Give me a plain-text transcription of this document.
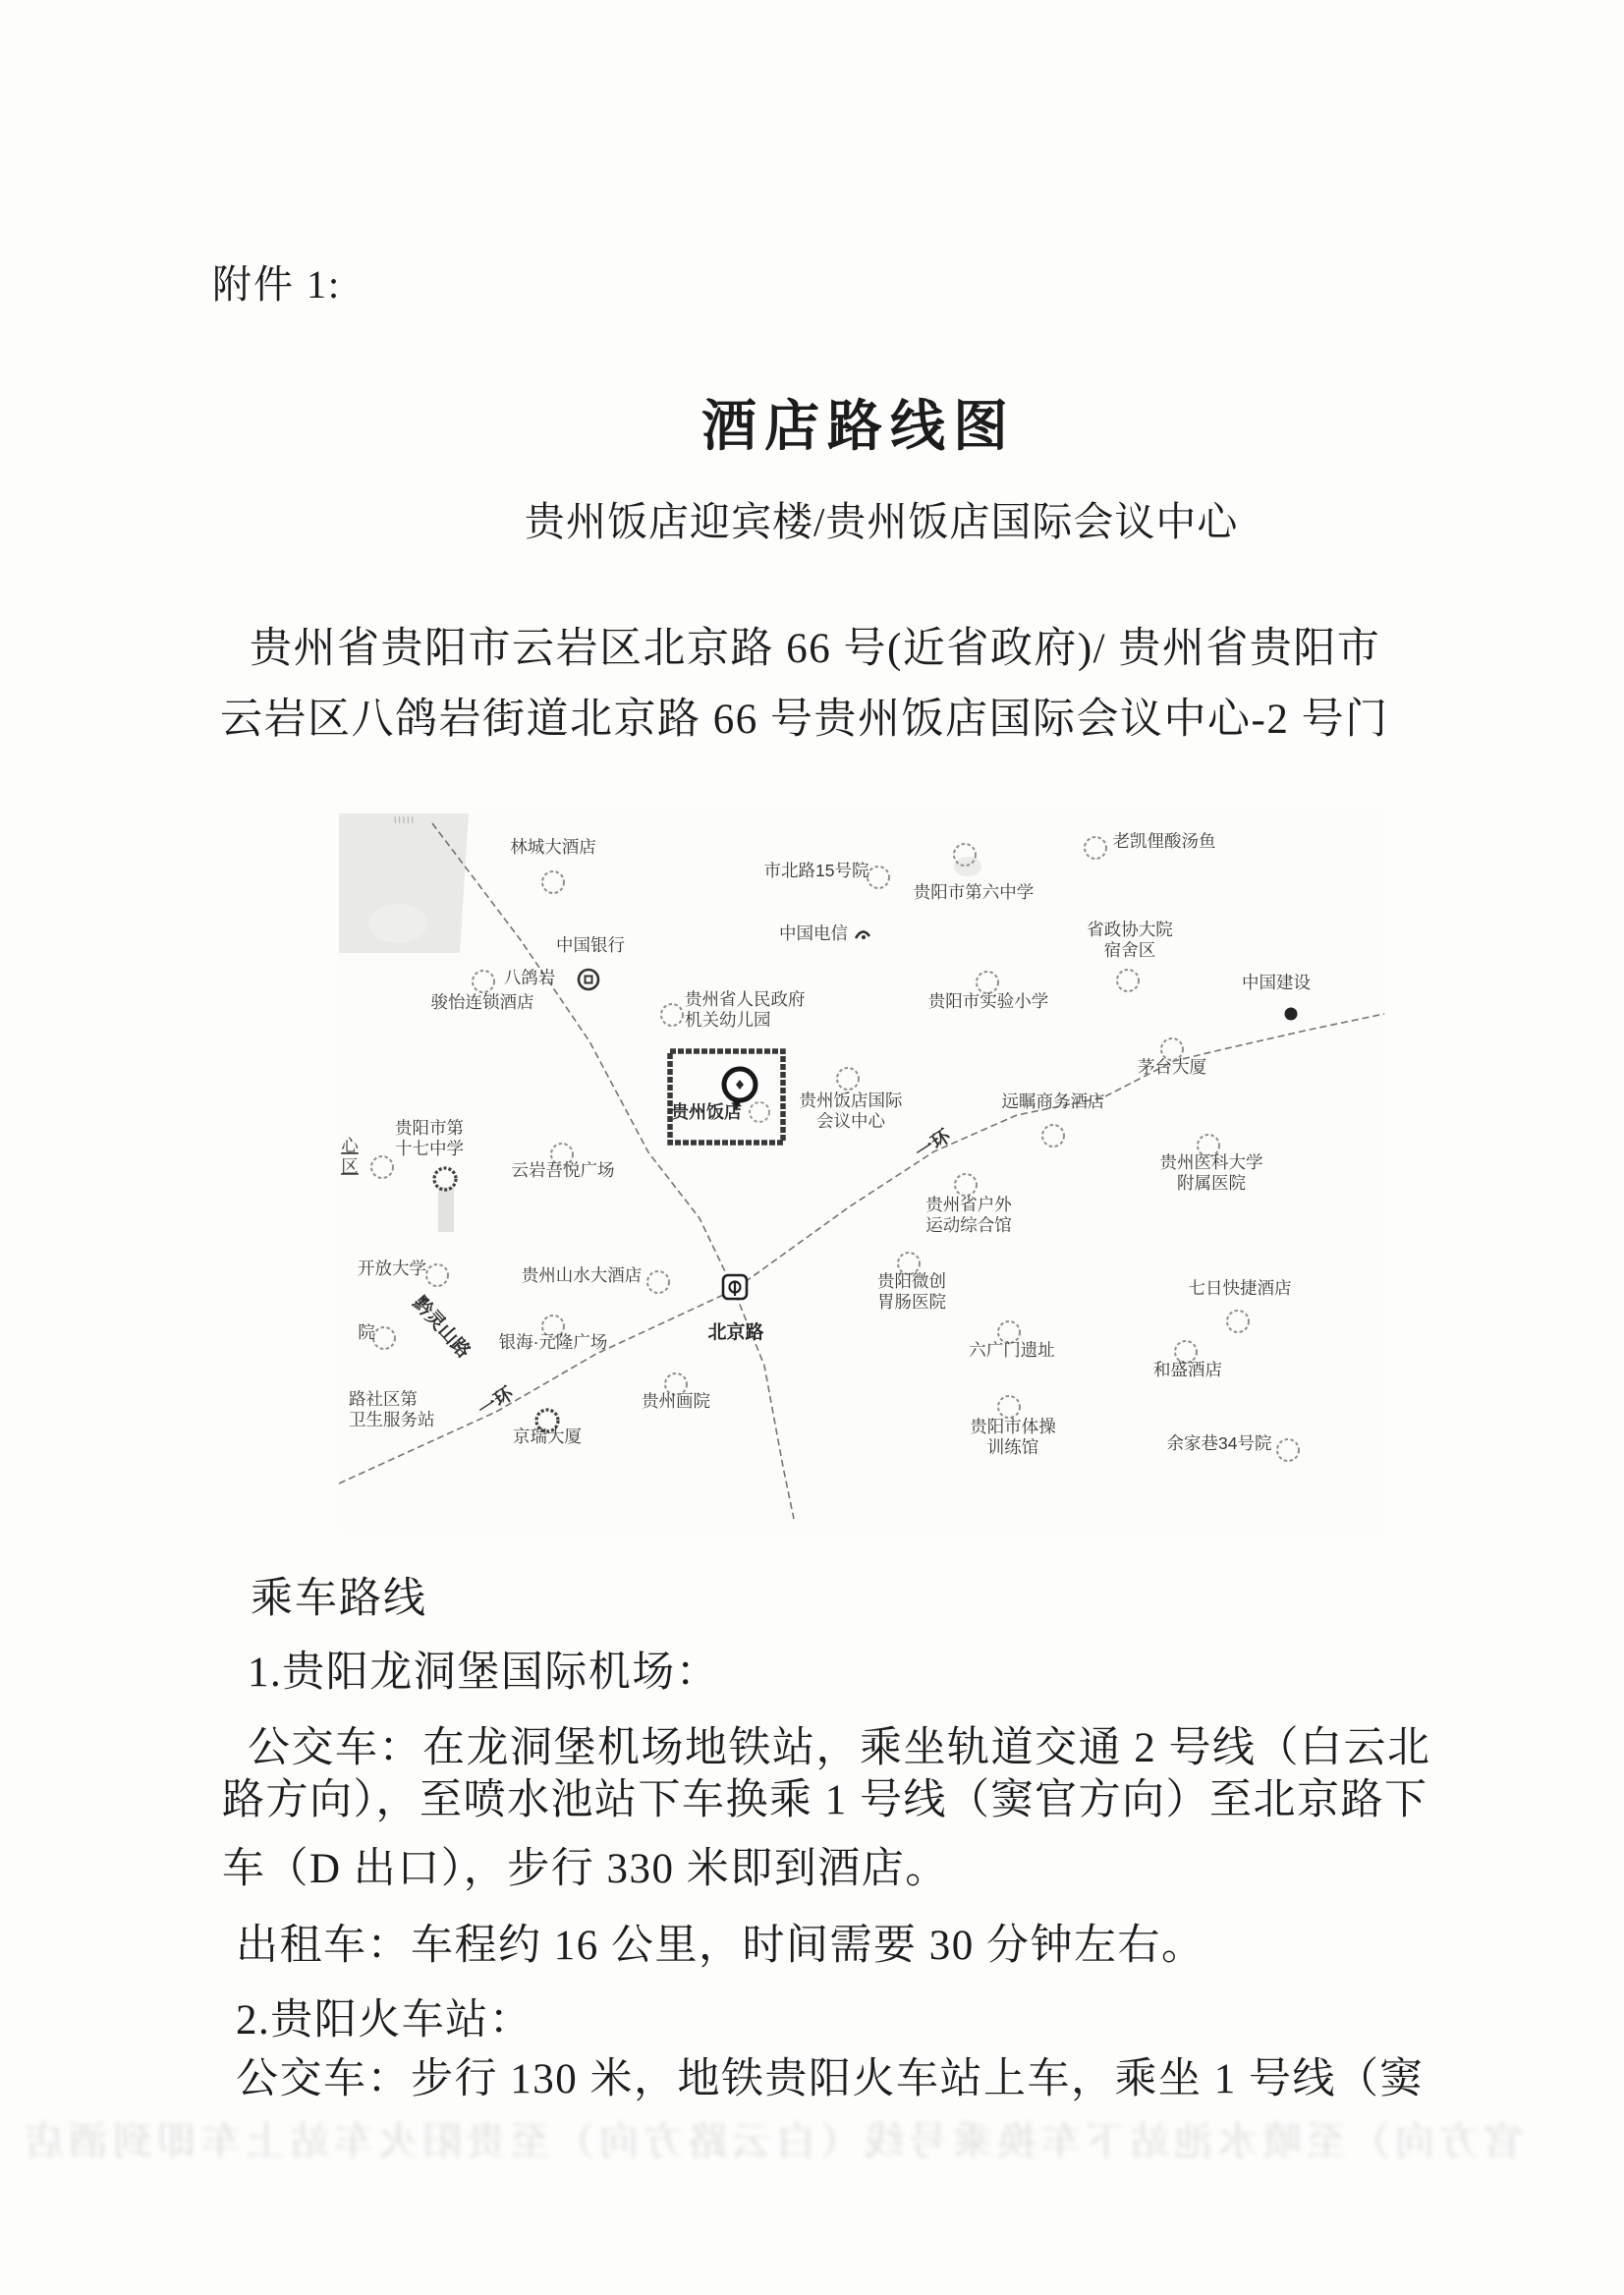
附件 1:
酒店路线图
贵州饭店迎宾楼/贵州饭店国际会议中心
贵州省贵阳市云岩区北京路 66 号(近省政府)/ 贵州省贵阳市
云岩区八鸽岩街道北京路 66 号贵州饭店国际会议中心-2 号门
⌇⌇⌇⌇⌇
一环
一环
黔灵山路
林城大酒店
市北路15号院
贵阳市第六中学
老凯俚酸汤鱼
中国电信	省政协大院
宿舍区
中国银行
八鸽岩
骏怡连锁酒店	贵州省人民政府
机关幼儿园
贵阳市实验小学
中国建设
茅台大厦
远瞩商务酒店
贵州饭店国际
会议中心
贵阳市第
十七中学
云岩吾悦广场
开放大学	贵州山水大酒店
贵州医科大学
附属医院
贵州省户外
运动综合馆
贵阳微创
胃肠医院
七日快捷酒店
六广门遗址
和盛酒店
贵阳市体操
训练馆	余家巷34号院
银海·元隆广场
贵州画院
京瑞大厦
路社区第
卫生服务站
院
心
区
贵州饭店
北京路
乘车路线
1.贵阳龙洞堡国际机场：
公交车：在龙洞堡机场地铁站，乘坐轨道交通 2 号线（白云北
路方向），至喷水池站下车换乘 1 号线（窦官方向）至北京路下
车（D 出口），步行 330 米即到酒店。
出租车：车程约 16 公里，时间需要 30 分钟左右。
2.贵阳火车站：
公交车：步行 130 米，地铁贵阳火车站上车，乘坐 1 号线（窦
官方向）至喷水池站下车换乘号线（白云路方向）至贵阳火车站上车即到酒店
